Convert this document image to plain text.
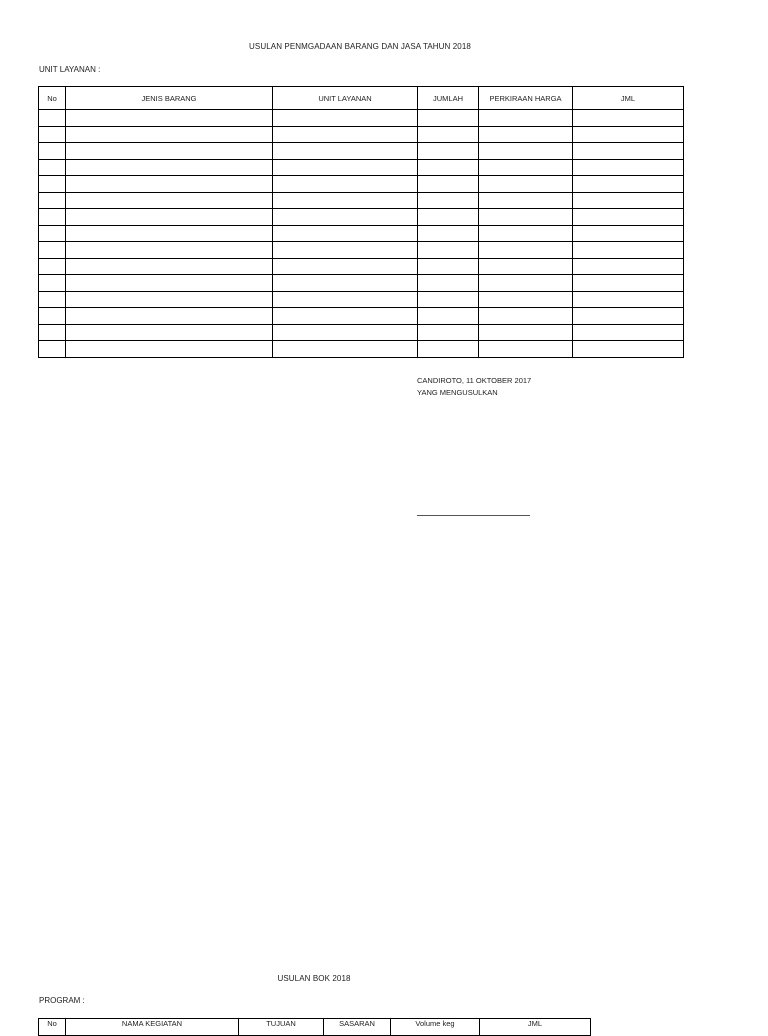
USULAN PENMGADAAN BARANG DAN JASA TAHUN 2018
UNIT LAYANAN :
No	JENIS BARANG	UNIT LAYANAN	JUMLAH	PERKIRAAN HARGA	JML

CANDIROTO, 11 OKTOBER 2017
YANG MENGUSULKAN
USULAN BOK 2018
PROGRAM :
No	NAMA KEGIATAN	TUJUAN	SASARAN	Volume keg	JML
